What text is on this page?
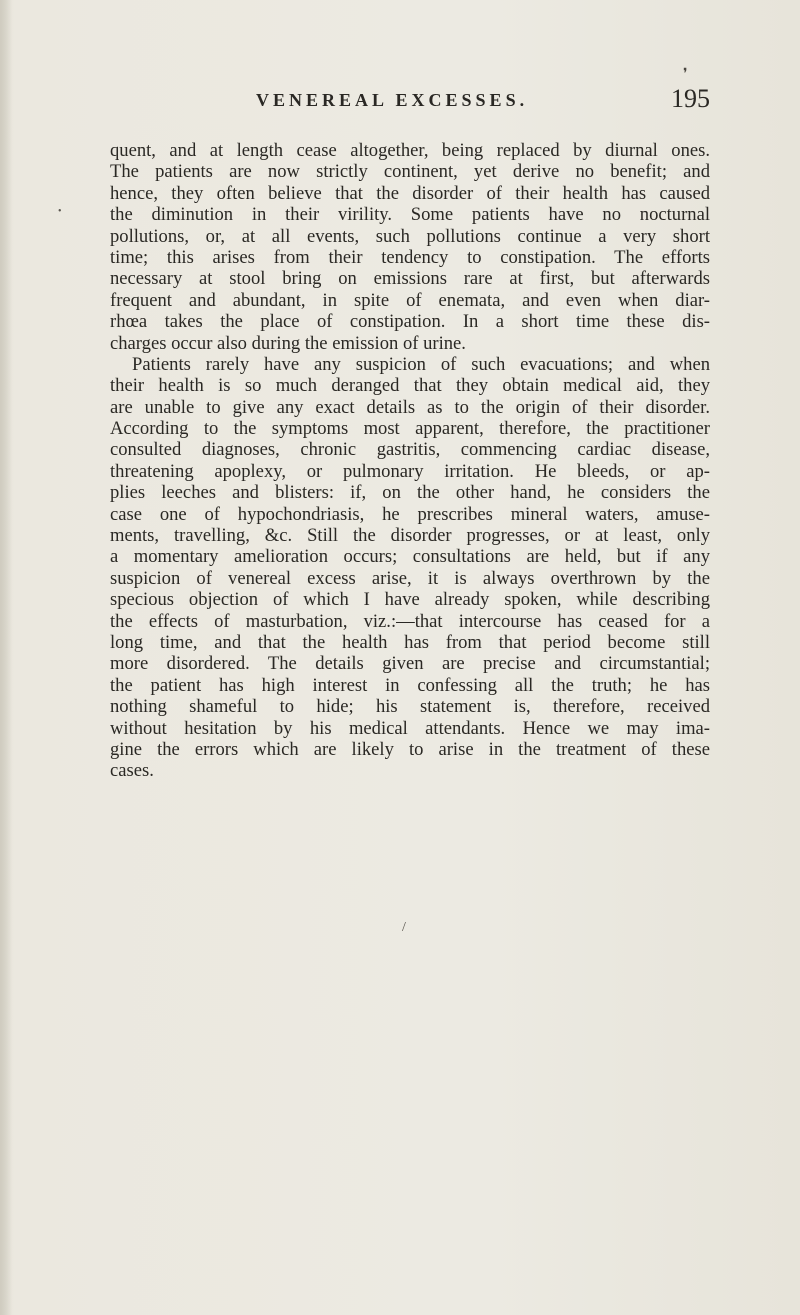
❜
•
VENEREAL EXCESSES.	195
quent, and at length cease altogether, being replaced by diurnal ones.
The patients are now strictly continent, yet derive no benefit; and
hence, they often believe that the disorder of their health has caused
the diminution in their virility. Some patients have no nocturnal
pollutions, or, at all events, such pollutions continue a very short
time; this arises from their tendency to constipation. The efforts
necessary at stool bring on emissions rare at first, but afterwards
frequent and abundant, in spite of enemata, and even when diar-
rhœa takes the place of constipation. In a short time these dis-
charges occur also during the emission of urine.
Patients rarely have any suspicion of such evacuations; and when
their health is so much deranged that they obtain medical aid, they
are unable to give any exact details as to the origin of their disorder.
According to the symptoms most apparent, therefore, the practitioner
consulted diagnoses, chronic gastritis, commencing cardiac disease,
threatening apoplexy, or pulmonary irritation. He bleeds, or ap-
plies leeches and blisters: if, on the other hand, he considers the
case one of hypochondriasis, he prescribes mineral waters, amuse-
ments, travelling, &c. Still the disorder progresses, or at least, only
a momentary amelioration occurs; consultations are held, but if any
suspicion of venereal excess arise, it is always overthrown by the
specious objection of which I have already spoken, while describing
the effects of masturbation, viz.:—that intercourse has ceased for a
long time, and that the health has from that period become still
more disordered. The details given are precise and circumstantial;
the patient has high interest in confessing all the truth; he has
nothing shameful to hide; his statement is, therefore, received
without hesitation by his medical attendants. Hence we may ima-
gine the errors which are likely to arise in the treatment of these
cases.
/
